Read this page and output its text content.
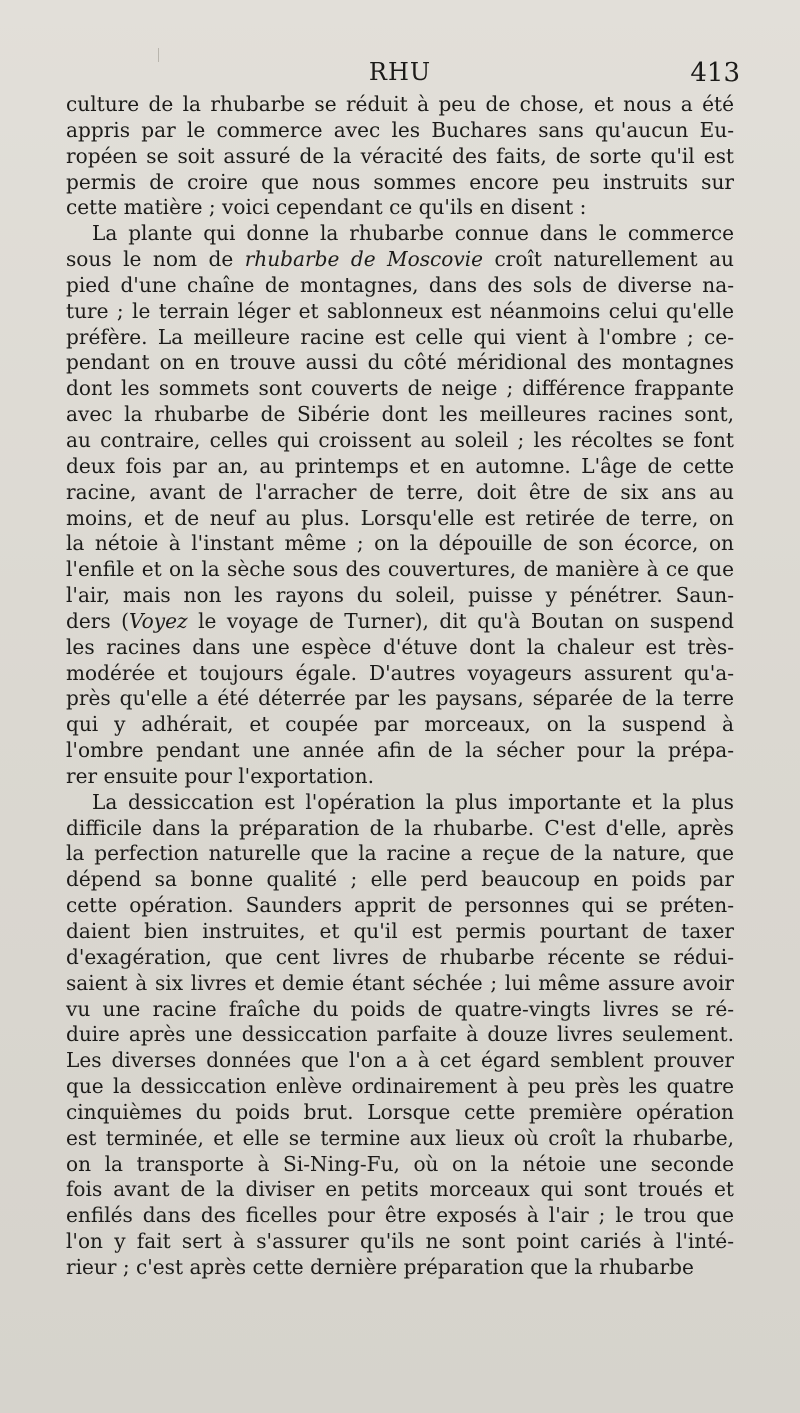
RHU	413
culture de la rhubarbe se réduit à peu de chose, et nous a été
appris par le commerce avec les Buchares sans qu'aucun Eu-
ropéen se soit assuré de la véracité des faits, de sorte qu'il est
permis de croire que nous sommes encore peu instruits sur
cette matière ; voici cependant ce qu'ils en disent :
La plante qui donne la rhubarbe connue dans le commerce
sous le nom de rhubarbe de Moscovie croît naturellement au
pied d'une chaîne de montagnes, dans des sols de diverse na-
ture ; le terrain léger et sablonneux est néanmoins celui qu'elle
préfère. La meilleure racine est celle qui vient à l'ombre ; ce-
pendant on en trouve aussi du côté méridional des montagnes
dont les sommets sont couverts de neige ; différence frappante
avec la rhubarbe de Sibérie dont les meilleures racines sont,
au contraire, celles qui croissent au soleil ; les récoltes se font
deux fois par an, au printemps et en automne. L'âge de cette
racine, avant de l'arracher de terre, doit être de six ans au
moins, et de neuf au plus. Lorsqu'elle est retirée de terre, on
la nétoie à l'instant même ; on la dépouille de son écorce, on
l'enfile et on la sèche sous des couvertures, de manière à ce que
l'air, mais non les rayons du soleil, puisse y pénétrer. Saun-
ders (Voyez le voyage de Turner), dit qu'à Boutan on suspend
les racines dans une espèce d'étuve dont la chaleur est très-
modérée et toujours égale. D'autres voyageurs assurent qu'a-
près qu'elle a été déterrée par les paysans, séparée de la terre
qui y adhérait, et coupée par morceaux, on la suspend à
l'ombre pendant une année afin de la sécher pour la prépa-
rer ensuite pour l'exportation.
La dessiccation est l'opération la plus importante et la plus
difficile dans la préparation de la rhubarbe. C'est d'elle, après
la perfection naturelle que la racine a reçue de la nature, que
dépend sa bonne qualité ; elle perd beaucoup en poids par
cette opération. Saunders apprit de personnes qui se préten-
daient bien instruites, et qu'il est permis pourtant de taxer
d'exagération, que cent livres de rhubarbe récente se rédui-
saient à six livres et demie étant séchée ; lui même assure avoir
vu une racine fraîche du poids de quatre-vingts livres se ré-
duire après une dessiccation parfaite à douze livres seulement.
Les diverses données que l'on a à cet égard semblent prouver
que la dessiccation enlève ordinairement à peu près les quatre
cinquièmes du poids brut. Lorsque cette première opération
est terminée, et elle se termine aux lieux où croît la rhubarbe,
on la transporte à Si-Ning-Fu, où on la nétoie une seconde
fois avant de la diviser en petits morceaux qui sont troués et
enfilés dans des ficelles pour être exposés à l'air ; le trou que
l'on y fait sert à s'assurer qu'ils ne sont point cariés à l'inté-
rieur ; c'est après cette dernière préparation que la rhubarbe
